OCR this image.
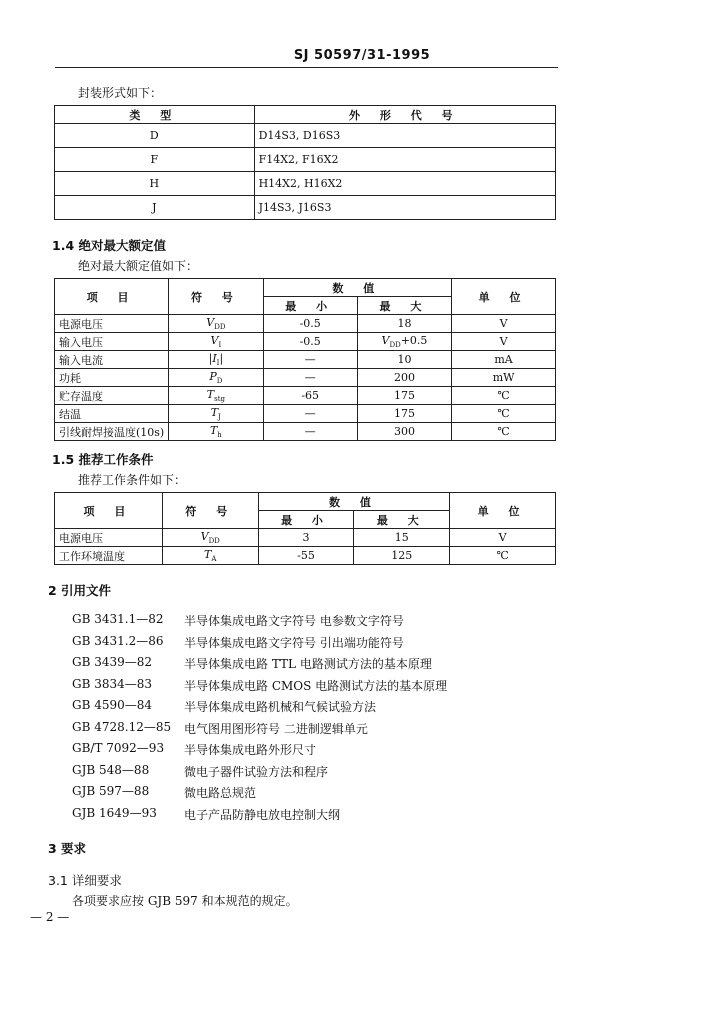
SJ 50597/31-1995
封装形式如下：
类 型	外 形 代 号
D	D14S3, D16S3
F	F14X2, F16X2
H	H14X2, H16X2
J	J14S3, J16S3
1.4 绝对最大额定值
绝对最大额定值如下：
项 目	符 号	数 值		单 位
		最 小	最 大	
电源电压	$V_{DD}$	-0.5	18	V
输入电压	$V_I$	-0.5	$V_{DD}+0.5$	V
输入电流	$|I_I|$	—	10	mA
功耗	$P_D$	—	200	mW
贮存温度	$T_{stg}$	-65	175	℃
结温	$T_J$	—	175	℃
引线耐焊接温度(10s)	$T_h$	—	300	℃
1.5 推荐工作条件
推荐工作条件如下：
项 目	符 号	数 值		单 位
		最 小	最 大	
电源电压	$V_{DD}$	3	15	V
工作环境温度	$T_A$	-55	125	℃
2 引用文件
GB 3431.1—82	半导体集成电路文字符号 电参数文字符号
GB 3431.2—86	半导体集成电路文字符号 引出端功能符号
GB 3439—82	半导体集成电路 TTL 电路测试方法的基本原理
GB 3834—83	半导体集成电路 CMOS 电路测试方法的基本原理
GB 4590—84	半导体集成电路机械和气候试验方法
GB 4728.12—85	电气图用图形符号 二进制逻辑单元
GB/T 7092—93	半导体集成电路外形尺寸
GJB 548—88	微电子器件试验方法和程序
GJB 597—88	微电路总规范
GJB 1649—93	电子产品防静电放电控制大纲
3 要求
3.1 详细要求
各项要求应按 GJB 597 和本规范的规定。
— 2 —
